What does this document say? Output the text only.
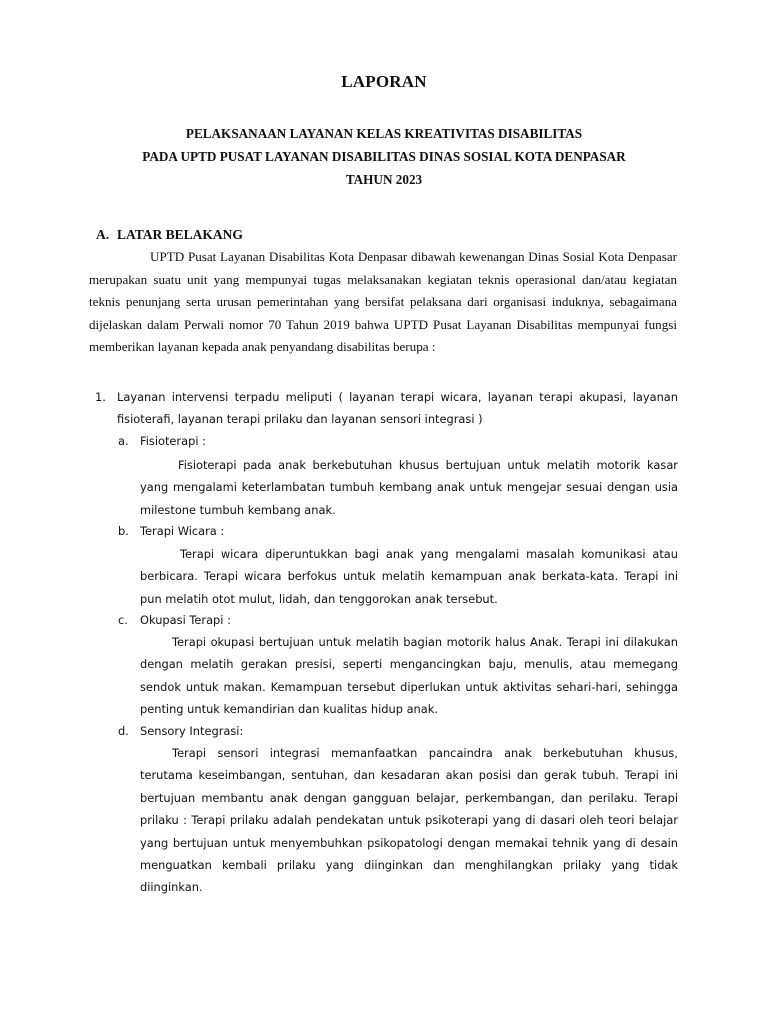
LAPORAN
PELAKSANAAN LAYANAN KELAS KREATIVITAS DISABILITAS
PADA UPTD PUSAT LAYANAN DISABILITAS DINAS SOSIAL KOTA DENPASAR
TAHUN 2023
A. LATAR BELAKANG
UPTD Pusat Layanan Disabilitas Kota Denpasar dibawah kewenangan Dinas Sosial Kota Denpasar merupakan suatu unit yang mempunyai tugas melaksanakan kegiatan teknis operasional dan/atau kegiatan teknis penunjang serta urusan pemerintahan yang bersifat pelaksana dari organisasi induknya, sebagaimana dijelaskan dalam Perwali nomor 70 Tahun 2019 bahwa UPTD Pusat Layanan Disabilitas mempunyai fungsi memberikan layanan kepada anak penyandang disabilitas berupa :
1. Layanan intervensi terpadu meliputi ( layanan terapi wicara, layanan terapi akupasi, layanan fisioterafi, layanan terapi prilaku dan layanan sensori integrasi )
a. Fisioterapi :
Fisioterapi pada anak berkebutuhan khusus bertujuan untuk melatih motorik kasar yang mengalami keterlambatan tumbuh kembang anak untuk mengejar sesuai dengan usia milestone tumbuh kembang anak.
b. Terapi Wicara :
Terapi wicara diperuntukkan bagi anak yang mengalami masalah komunikasi atau berbicara. Terapi wicara berfokus untuk melatih kemampuan anak berkata-kata. Terapi ini pun melatih otot mulut, lidah, dan tenggorokan anak tersebut.
c. Okupasi Terapi :
Terapi okupasi bertujuan untuk melatih bagian motorik halus Anak. Terapi ini dilakukan dengan melatih gerakan presisi, seperti mengancingkan baju, menulis, atau memegang sendok untuk makan. Kemampuan tersebut diperlukan untuk aktivitas sehari-hari, sehingga penting untuk kemandirian dan kualitas hidup anak.
d. Sensory Integrasi:
Terapi sensori integrasi memanfaatkan pancaindra anak berkebutuhan khusus, terutama keseimbangan, sentuhan, dan kesadaran akan posisi dan gerak tubuh. Terapi ini bertujuan membantu anak dengan gangguan belajar, perkembangan, dan perilaku. Terapi prilaku : Terapi prilaku adalah pendekatan untuk psikoterapi yang di dasari oleh teori belajar yang bertujuan untuk menyembuhkan psikopatologi dengan memakai tehnik yang di desain menguatkan kembali prilaku yang diinginkan dan menghilangkan prilaky yang tidak diinginkan.
